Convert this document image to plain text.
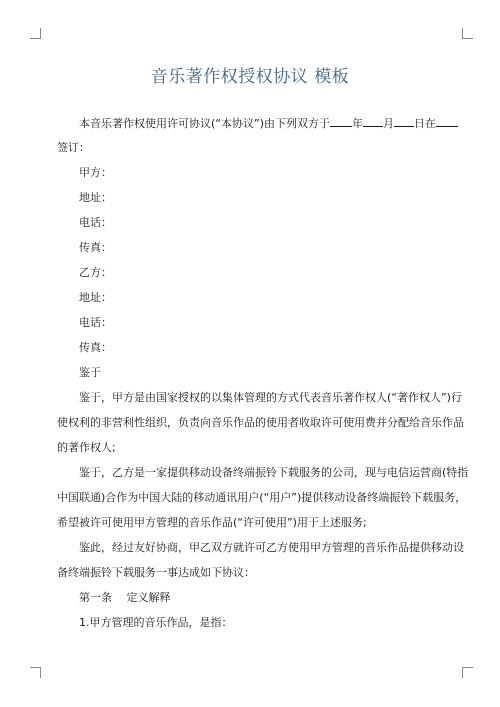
音乐著作权授权协议 模板
本音乐著作权使用许可协议(“本协议”)由下列双方于 年 月 日在
签订：
甲方：
地址：
电话：
传真：
乙方：
地址：
电话：
传真：
鉴于
鉴于，甲方是由国家授权的以集体管理的方式代表音乐著作权人(“著作权人”)行
使权利的非营利性组织，负责向音乐作品的使用者收取许可使用费并分配给音乐作品
的著作权人;
鉴于，乙方是一家提供移动设备终端振铃下载服务的公司，现与电信运营商(特指
中国联通)合作为中国大陆的移动通讯用户(“用户”)提供移动设备终端振铃下载服务，
希望被许可使用甲方管理的音乐作品(“许可使用”)用于上述服务;
鉴此，经过友好协商，甲乙双方就许可乙方使用甲方管理的音乐作品提供移动设
备终端振铃下载服务一事达成如下协议：
第一条　 定义解释
1.甲方管理的音乐作品，是指：
